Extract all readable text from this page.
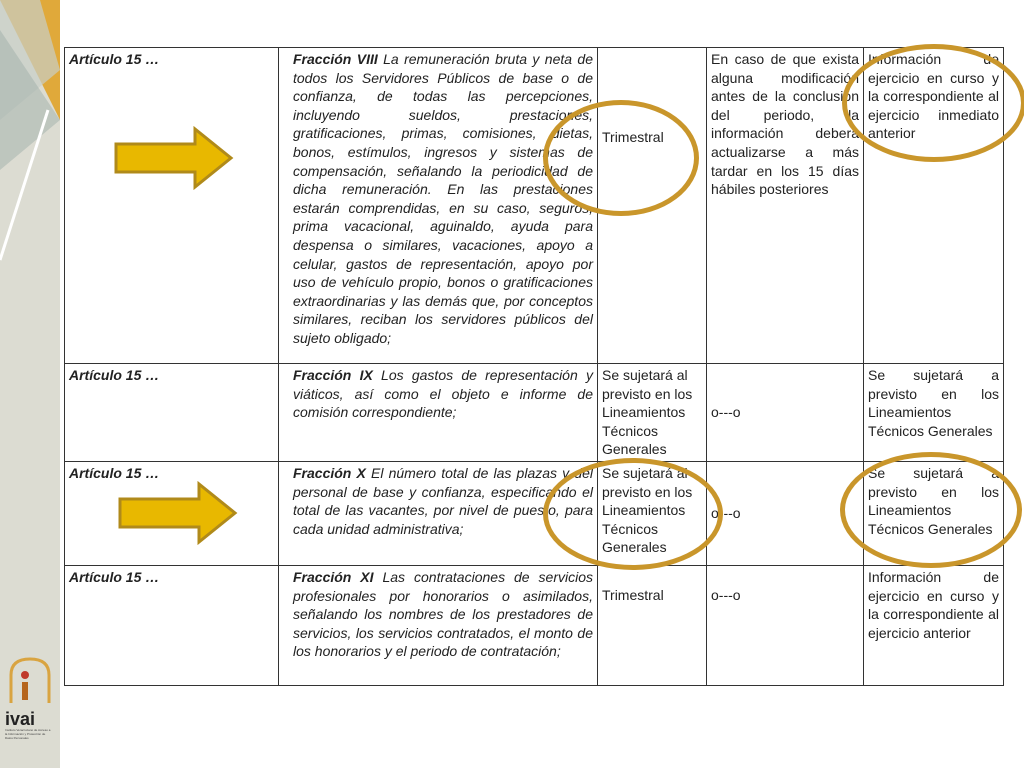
Artículo 15 …	Fracción VIII La remuneración bruta y neta de todos los Servidores Públicos de base o de confianza, de todas las percepciones, incluyendo sueldos, prestaciones, gratificaciones, primas, comisiones, dietas, bonos, estímulos, ingresos y sistemas de compensación, señalando la periodicidad de dicha remuneración. En las prestaciones estarán comprendidas, en su caso, seguros, prima vacacional, aguinaldo, ayuda para despensa o similares, vacaciones, apoyo a celular, gastos de representación, apoyo por uso de vehículo propio, bonos o gratificaciones extraordinarias y las demás que, por conceptos similares, reciban los servidores públicos del sujeto obligado;	Trimestral	En caso de que exista alguna modificación antes de la conclusión del periodo, la información deberá actualizarse a más tardar en los 15 días hábiles posteriores	Información de ejercicio en curso y la correspondiente al ejercicio inmediato anterior
Artículo 15 …	Fracción IX Los gastos de representación y viáticos, así como el objeto e informe de comisión correspondiente;	Se sujetará al previsto en los Lineamientos Técnicos Generales	o---o	Se sujetará a previsto en los Lineamientos Técnicos Generales
Artículo 15 …	Fracción X El número total de las plazas y del personal de base y confianza, especificando el total de las vacantes, por nivel de puesto, para cada unidad administrativa;	Se sujetará al previsto en los Lineamientos Técnicos Generales	o---o	Se sujetará a previsto en los Lineamientos Técnicos Generales
Artículo 15 …	Fracción XI Las contrataciones de servicios profesionales por honorarios o asimilados, señalando los nombres de los prestadores de servicios, los servicios contratados, el monto de los honorarios y el periodo de contratación;	Trimestral	o---o	Información de ejercicio en curso y la correspondiente al ejercicio anterior
ivai
Instituto Veracruzano de Acceso a la Información y Protección de Datos Personales
